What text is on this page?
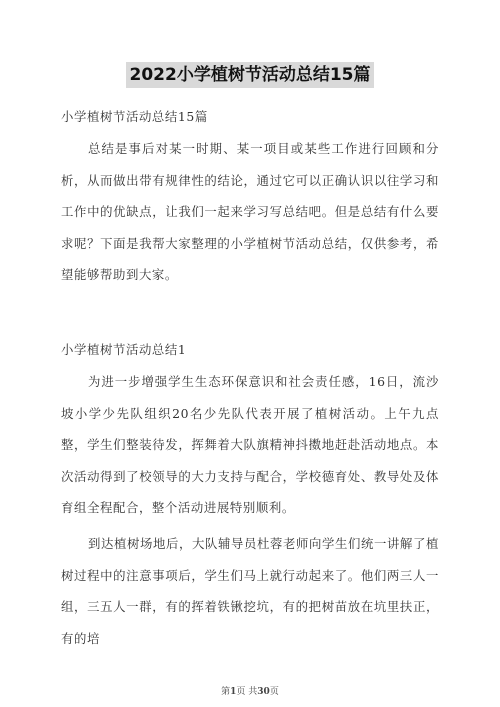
2022小学植树节活动总结15篇

小学植树节活动总结15篇

总结是事后对某一时期、某一项目或某些工作进行回顾和分析，从而做出带有规律性的结论，通过它可以正确认识以往学习和工作中的优缺点，让我们一起来学习写总结吧。但是总结有什么要求呢？下面是我帮大家整理的小学植树节活动总结，仅供参考，希望能够帮助到大家。

小学植树节活动总结1

为进一步增强学生生态环保意识和社会责任感，16日，流沙坡小学少先队组织20名少先队代表开展了植树活动。上午九点整，学生们整装待发，挥舞着大队旗精神抖擞地赶赴活动地点。本次活动得到了校领导的大力支持与配合，学校德育处、教导处及体育组全程配合，整个活动进展特别顺利。

到达植树场地后，大队辅导员杜蓉老师向学生们统一讲解了植树过程中的注意事项后，学生们马上就行动起来了。他们两三人一组，三五人一群，有的挥着铁锹挖坑，有的把树苗放在坑里扶正，有的培

第1页 共30页
